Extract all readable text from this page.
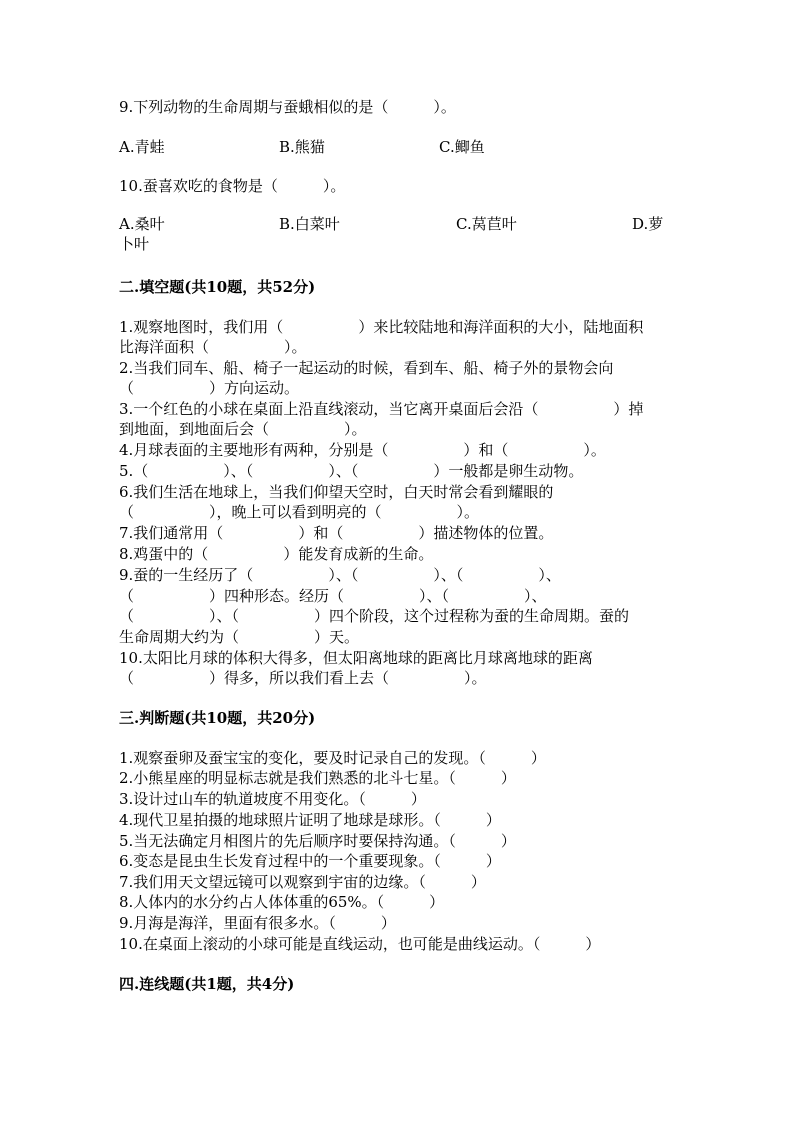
9.下列动物的生命周期与蚕蛾相似的是（　　　）。
A.青蛙	B.熊猫	C.鲫鱼
10.蚕喜欢吃的食物是（　　　）。
A.桑叶	B.白菜叶	C.莴苣叶	D.萝
卜叶
二.填空题(共10题，共52分)
1.观察地图时，我们用（　　　　　）来比较陆地和海洋面积的大小，陆地面积
比海洋面积（　　　　　）。
2.当我们同车、船、椅子一起运动的时候，看到车、船、椅子外的景物会向
（　　　　　）方向运动。
3.一个红色的小球在桌面上沿直线滚动，当它离开桌面后会沿（　　　　　）掉
到地面，到地面后会（　　　　　）。
4.月球表面的主要地形有两种，分别是（　　　　　）和（　　　　　）。
5.（　　　　　）、（　　　　　）、（　　　　　）一般都是卵生动物。
6.我们生活在地球上，当我们仰望天空时，白天时常会看到耀眼的
（　　　　　），晚上可以看到明亮的（　　　　　）。
7.我们通常用（　　　　　）和（　　　　　）描述物体的位置。
8.鸡蛋中的（　　　　　）能发育成新的生命。
9.蚕的一生经历了（　　　　　）、（　　　　　）、（　　　　　）、
（　　　　　）四种形态。经历（　　　　　）、（　　　　　）、
（　　　　　）、（　　　　　）四个阶段，这个过程称为蚕的生命周期。蚕的
生命周期大约为（　　　　　）天。
10.太阳比月球的体积大得多，但太阳离地球的距离比月球离地球的距离
（　　　　　）得多，所以我们看上去（　　　　　）。
三.判断题(共10题，共20分)
1.观察蚕卵及蚕宝宝的变化，要及时记录自己的发现。（　　　）
2.小熊星座的明显标志就是我们熟悉的北斗七星。（　　　）
3.设计过山车的轨道坡度不用变化。（　　　）
4.现代卫星拍摄的地球照片证明了地球是球形。（　　　）
5.当无法确定月相图片的先后顺序时要保持沟通。（　　　）
6.变态是昆虫生长发育过程中的一个重要现象。（　　　）
7.我们用天文望远镜可以观察到宇宙的边缘。（　　　）
8.人体内的水分约占人体体重的65%。（　　　）
9.月海是海洋，里面有很多水。（　　　）
10.在桌面上滚动的小球可能是直线运动，也可能是曲线运动。（　　　）
四.连线题(共1题，共4分)
